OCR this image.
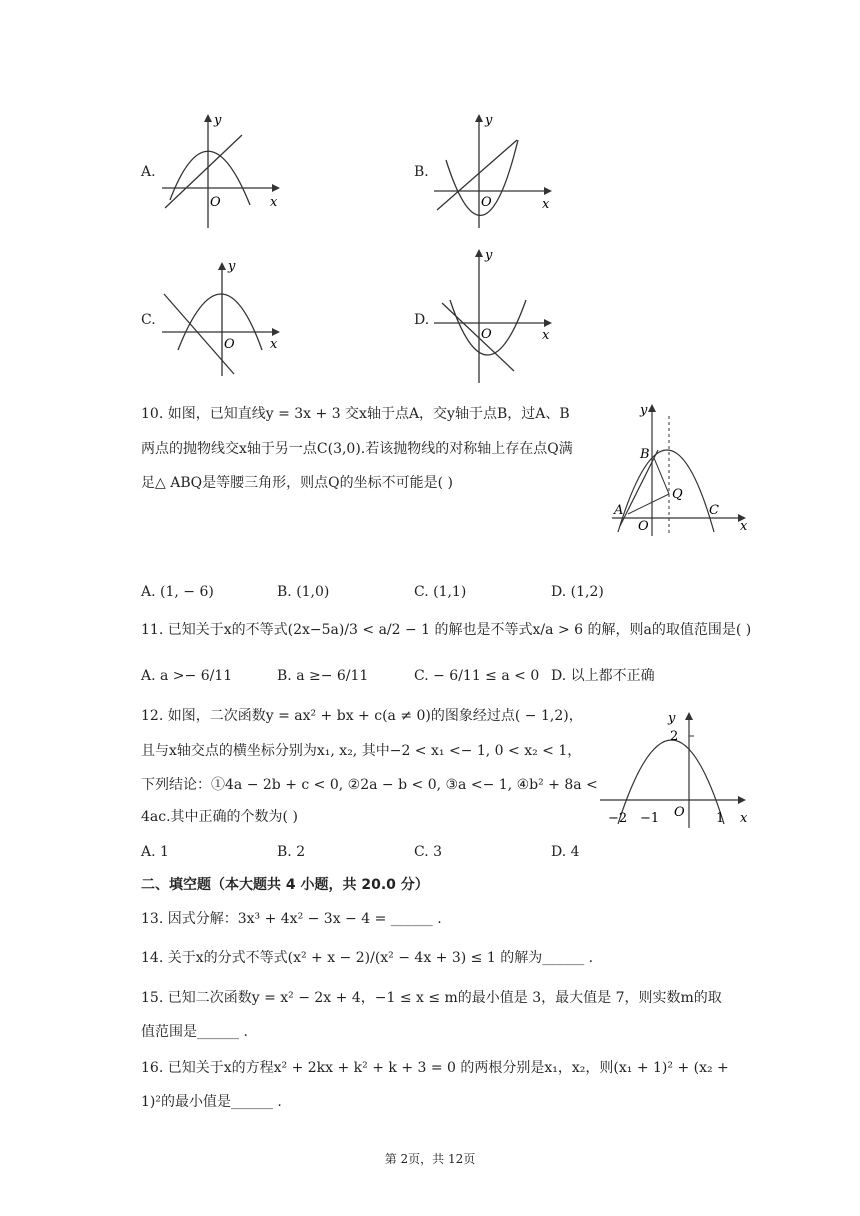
A.
y
x
O
B.
y
x
O
C.
y
x
O
D.
y
x
O
10. 如图，已知直线y = 3x + 3 交x轴于点A，交y轴于点B，过A、B
两点的抛物线交x轴于另一点C(3,0).若该抛物线的对称轴上存在点Q满
足△ ABQ是等腰三角形，则点Q的坐标不可能是( )
y
x
O
A
B
C
Q
A. (1, − 6)	B. (1,0)	C. (1,1)	D. (1,2)
11. 已知关于x的不等式(2x−5a)/3 < a/2 − 1 的解也是不等式x/a > 6 的解，则a的取值范围是( )
A. a >− 6/11	B. a ≥− 6/11	C. − 6/11 ≤ a < 0 D. 以上都不正确
12. 如图，二次函数y = ax² + bx + c(a ≠ 0)的图象经过点( − 1,2)，
且与x轴交点的横坐标分别为x₁, x₂, 其中−2 < x₁ <− 1, 0 < x₂ < 1，
下列结论：①4a − 2b + c < 0, ②2a − b < 0, ③a <− 1, ④b² + 8a <
4ac.其中正确的个数为( )
y
x
O
2
−2 −1	1
A. 1	B. 2	C. 3	D. 4
二、填空题（本大题共 4 小题，共 20.0 分）
13. 因式分解：3x³ + 4x² − 3x − 4 = ______ .
14. 关于x的分式不等式(x² + x − 2)/(x² − 4x + 3) ≤ 1 的解为______ .
15. 已知二次函数y = x² − 2x + 4，−1 ≤ x ≤ m的最小值是 3，最大值是 7，则实数m的取
值范围是______ .
16. 已知关于x的方程x² + 2kx + k² + k + 3 = 0 的两根分别是x₁，x₂，则(x₁ + 1)² + (x₂ +
1)²的最小值是______ .
第 2页，共 12页
